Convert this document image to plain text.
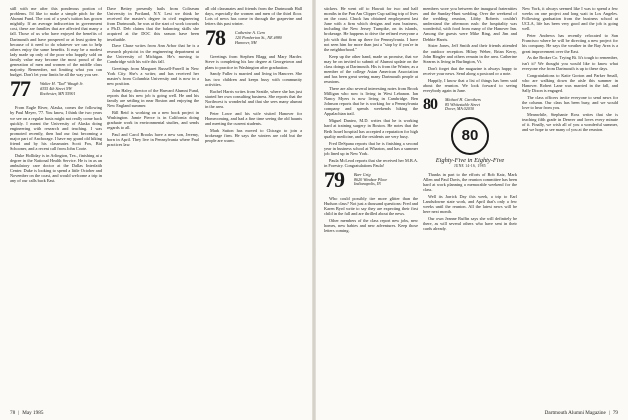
still with me after this ponderous portion of problems. I'd like to make a simple pitch for the Alumni Fund. The cost of a year's tuition has grown mightily. If an average indiscretion in government cost, these are families that are affected that many a fall. Those of us who have enjoyed the benefits of Dartmouth and have prospered or at least gotten by because of it need to do whatever we can to help others enjoy the same benefits. It may be a modest lady made up only of the poor who happily sold on family value may become the most proud of the generation of men and women of the middle class majority. Remember, not limiting what you can budget. Don't let your limits be all the way you see.

77 Walter H. "Tad" Waugh Jr.
#355 4th Street NW
Rochester, MN 55901

From Eagle River, Alaska, comes the following by Paul Meyer, '77. You know, I think the two years we see on a regular basis might not really come back quickly. I meant the University of Alaska doing engineering with research and teaching. I was promoted recently, then had our fast becoming a major part of Anchorage. I have my grand old hiking friend and by his classmates Scott Fox, Bid Schooner, and a recent call from John Coote.

Duke Holliday is in Arlington, Tex., finishing at a degree in the National Health Service. He is in as an ambulatory care doctor at the Dallas Interfaith Center. Duke is looking to spend a little October and November on the coast, and would welcome a trip in any of our calls back East.

Dave Bettey presently hails from Coliseum University in Portland, N.Y. Lest we think he received the master's degree in civil engineering from Dartmouth, he was at the start of work towards a Ph.D. Deb claims that the balancing skills she acquired at the DOC this season have been invaluable.

Dave Chase writes from Ann Arbor that he is a research physicist in the engineering department at the University of Michigan. He's moving to Cambridge with his wife this fall.

Greetings from Margaret Russell-Farrell in New York City. She's a writer, and has received her master's from Columbia University and is now in a new position.

John Haley, director of the Harvard Alumni Fund, reports that his new job is going well. He and his family are settling in near Boston and enjoying the New England summer.

Bill Reid is working on a new book project in Washington. Jamie Pierce is in California doing graduate work in environmental studies, and sends regards to all.

Paul and Carol Brooks have a new son, Jeremy, born in April. They live in Pennsylvania where Paul practices law.

all old classmates and friends from the Dartmouth Hall days, especially the women and men of the third floor. Lots of news has come in through the grapevine and letters this past winter.

78 Catherine A. Gero
120 Pemberton St., NE #980
Hanover, NH

Greetings from Stephen Blagg and Mary Harder. Steve is completing his law degree at Georgetown and plans to practice in Washington after graduation.

Sandy Fuller is married and living in Hanover. She has two children and keeps busy with community activities.

Rachel Harris writes from Seattle, where she has just started her own consulting business. She reports that the Northwest is wonderful and that she sees many alumni in the area.

Peter Lowe and his wife visited Hanover for Homecoming, and had a fine time seeing the old haunts and meeting the current students.

Mark Sutton has moved to Chicago to join a brokerage firm. He says the winters are cold but the people are warm.

78 | May 1985

stickers. He went off to Hawaii for two and half months in the Pan Am Clipper Cup sailing trip of lives on the coast. Chuck has obtained employment last June with a firm which designs and runs business, including the New Jersey Turnpike, on its islands, brokerage. He happens to drive the refined everyone a job with that firm up there for Pennsylvania. I have not seen him for more than just a "stop by if you're in the neighborhood."

Keep up the other hand, made us promise, that we may be on invited to submit of Alumni update on the class doings at Dartmouth. His is from the Winter, as a member of the college Asian American Association and has been great seeing many Dartmouth people at reunions.

There are also several interesting notes from Brook Milligan who now is living in West Lebanon. Ian Nancy Myers is now living in Cambridge. Ben Johnson reports that he is working for a Pennsylvania company and spends weekends hiking the Appalachian trail.

Miguel Danieo, M.D. writes that he is working hard at training surgery in Boston. He notes that the Beth Israel hospital has accepted a reputation for high quality medicine, and the residents are very busy.

Fred DeSpana reports that he is finishing a second year in business school at Wharton, and has a summer job lined up in New York.

Paula McLeod reports that she received her M.B.A. in Forestry. Congratulations Paula!

79 Barr Grig
8620 Windsor Place
Indianapolis, IN

Who could possibly tire more glitter than the Hudson class? Not just a thousand questions: Fred and Karen Byrd write to say they are expecting their first child in the fall and are thrilled about the news.

Other members of the class report new jobs, new homes, new babies and new adventures. Keep those letters coming.

members wore you between the inaugural fraternities and the Sunday-Hunt wedding. Over the weekend of the wedding reunion, Libby Roberts couldn't understand the afternoon rush: the hospitality was wonderful, with food from many of the Hanover Inn. Among the guests were Mike Ring, and Jim and Debbie Harris.

Sister Jones, Jeff Smith and their friends attended the outdoor reception. Hilary Weber, Brian Kerry, John Ringler and others remain in the area. Catherine Stearns is living in Burlington, Vt.

Don't forget that the magazine is always happy to receive your news. Send along a postcard or a note.

Happily, I know that a list of things has been said about the reunion. We look forward to seeing everybody again in June.

80 Michael H. Carothers
85 Whitestable Street
Dover, MA 02030
80
Eighty-Five in Eighty-Five
JUNE 14-16, 1985

Thanks in part to the efforts of Bob Katz, Mark Allen and Paul Davis, the reunion committee has been hard at work planning a memorable weekend for the class.

Well its Jarrick Day this week, a trip to Earl Landsdowne state work, and April that's only a few weeks until the reunion. All the latest news will be here next month.

Our own Jeanne Ruffin says she will definitely be there, as will several others who have sent in their cards already.

New York, it always seemed like I was to spend a few weeks on one project and long wait in Los Angeles. Following graduation from the business school at UCLA, life has been very good and the job is going well.

Peter Andrews has recently relocated to San Francisco where he will be directing a new project for his company. He says the weather in the Bay Area is a great improvement over the East.

As the Broker Co. Trying Bi. It's tough to remember, isn't it? We thought you would like to know what everyone else from Dartmouth is up to these days.

Congratulations to Katie Gorton and Parker Small, who are walking down the aisle this summer in Hanover. Robert Lane was married in the fall, and Sally Dixon is engaged.

The class officers invite everyone to send news for the column. Our class has been busy, and we would love to hear from you.

Meanwhile, Stephanie Ross writes that she is teaching fifth grade in Denver and loves every minute of it. Finally, we wish all of you a wonderful summer, and we hope to see many of you at the reunion.

Dartmouth Alumni Magazine | 79
